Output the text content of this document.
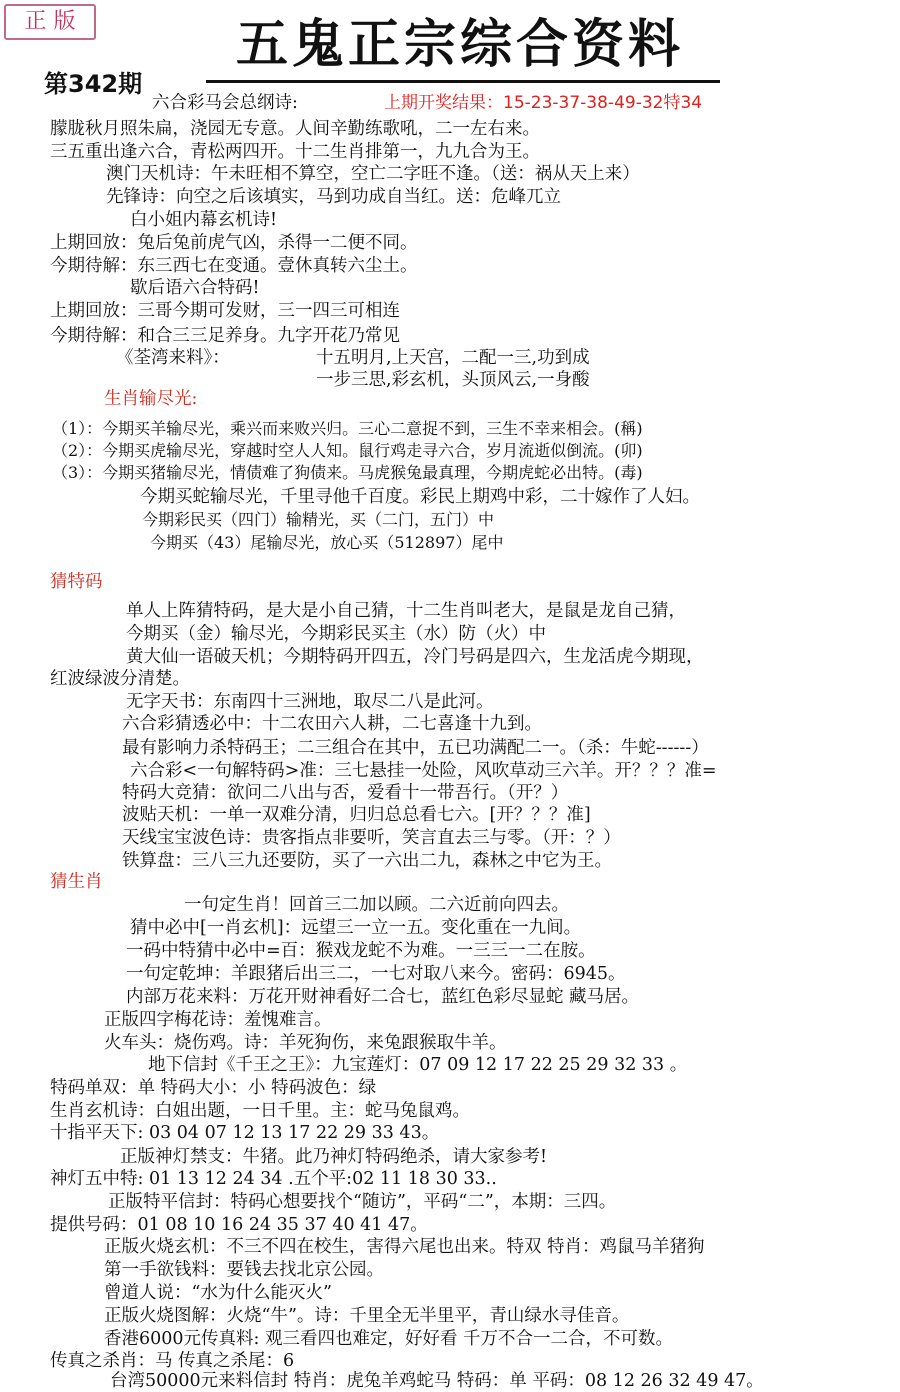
正 版	五鬼正宗综合资料
第342期
上期开奖结果：15-23-37-38-49-32特34
六合彩马会总纲诗:
朦胧秋月照朱扁，浇园无专意。人间辛勤练歌吼，二一左右来。
三五重出逢六合，青松两四开。十二生肖排第一，九九合为王。
澳门天机诗：午未旺相不算空，空亡二字旺不逢。（送：祸从天上来）
先锋诗：向空之后该填实，马到功成自当红。送：危峰兀立
白小姐内幕玄机诗!
上期回放：兔后兔前虎气凶，杀得一二便不同。
今期待解：东三西七在变通。壹休真转六尘土。
歇后语六合特码!
上期回放：三哥今期可发财，三一四三可相连
今期待解：和合三三足养身。九字开花乃常见
《荃湾来料》：	十五明月,上天宫，二配一三,功到成
一步三思,彩玄机，头顶风云,一身酸
生肖输尽光:
（1）：今期买羊输尽光，乘兴而来败兴归。三心二意捉不到，三生不幸来相会。(稱)
（2）：今期买虎输尽光，穿越时空人人知。鼠行鸡走寻六合，岁月流逝似倒流。(卯)
（3）：今期买猪输尽光，情债难了狗债来。马虎猴兔最真理，今期虎蛇必出特。(毒)
今期买蛇输尽光，千里寻他千百度。彩民上期鸡中彩，二十嫁作了人妇。
今期彩民买（四门）输精光，买（二门，五门）中
今期买（43）尾输尽光，放心买（512897）尾中
猜特码
单人上阵猜特码，是大是小自己猜，十二生肖叫老大，是鼠是龙自己猜，
今期买（金）输尽光，今期彩民买主（水）防（火）中
黄大仙一语破天机；今期特码开四五，冷门号码是四六，生龙活虎今期现，
红波绿波分清楚。
无字天书：东南四十三洲地，取尽二八是此河。
六合彩猜透必中：十二农田六人耕，二七喜逢十九到。
最有影响力杀特码王；二三组合在其中，五已功满配二一。（杀：牛蛇------）
六合彩<一句解特码>准：三七悬挂一处险，风吹草动三六羊。开？？？准=
特码大竞猜：欲问二八出与否，爱看十一带吾行。（开？）
波贴天机：一单一双难分清，归归总总看七六。[开？？？准]
天线宝宝波色诗：贵客指点非要听，笑言直去三与零。（开：？）
铁算盘：三八三九还要防，买了一六出二九，森林之中它为王。
猜生肖
一句定生肖！回首三二加以顾。二六近前向四去。
猜中必中[一肖玄机]：远望三一立一五。变化重在一九间。
一码中特猜中必中=百：猴戏龙蛇不为难。一三三一二在胺。
一句定乾坤：羊跟猪后出三二，一七对取八来今。密码：6945。
内部万花来料：万花开财神看好二合七，蓝红色彩尽显蛇 藏马居。
正版四字梅花诗：羞愧难言。
火车头：烧伤鸡。诗：羊死狗伤，来兔跟猴取牛羊。
地下信封《千王之王》：九宝莲灯：07 09 12 17 22 25 29 32 33 。
特码单双：单 特码大小：小 特码波色：绿
生肖玄机诗：白姐出题，一日千里。主：蛇马兔鼠鸡。
十指平天下: 03 04 07 12 13 17 22 29 33 43。
正版神灯禁支：牛猪。此乃神灯特码绝杀，请大家参考!
神灯五中特: 01 13 12 24 34 .五个平:02 11 18 30 33..
正版特平信封：特码心想要找个“随访”，平码“二”，本期：三四。
提供号码：01 08 10 16 24 35 37 40 41 47。
正版火烧玄机：不三不四在校生，害得六尾也出来。特双 特肖：鸡鼠马羊猪狗
第一手欲钱料：要钱去找北京公园。
曾道人说：“水为什么能灭火”
正版火烧图解：火烧“牛”。诗：千里全无半里平，青山绿水寻佳音。
香港6000元传真料: 观三看四也难定，好好看 千万不合一二合，不可数。
传真之杀肖：马 传真之杀尾：6
台湾50000元来料信封 特肖：虎兔羊鸡蛇马 特码：单 平码：08 12 26 32 49 47。
